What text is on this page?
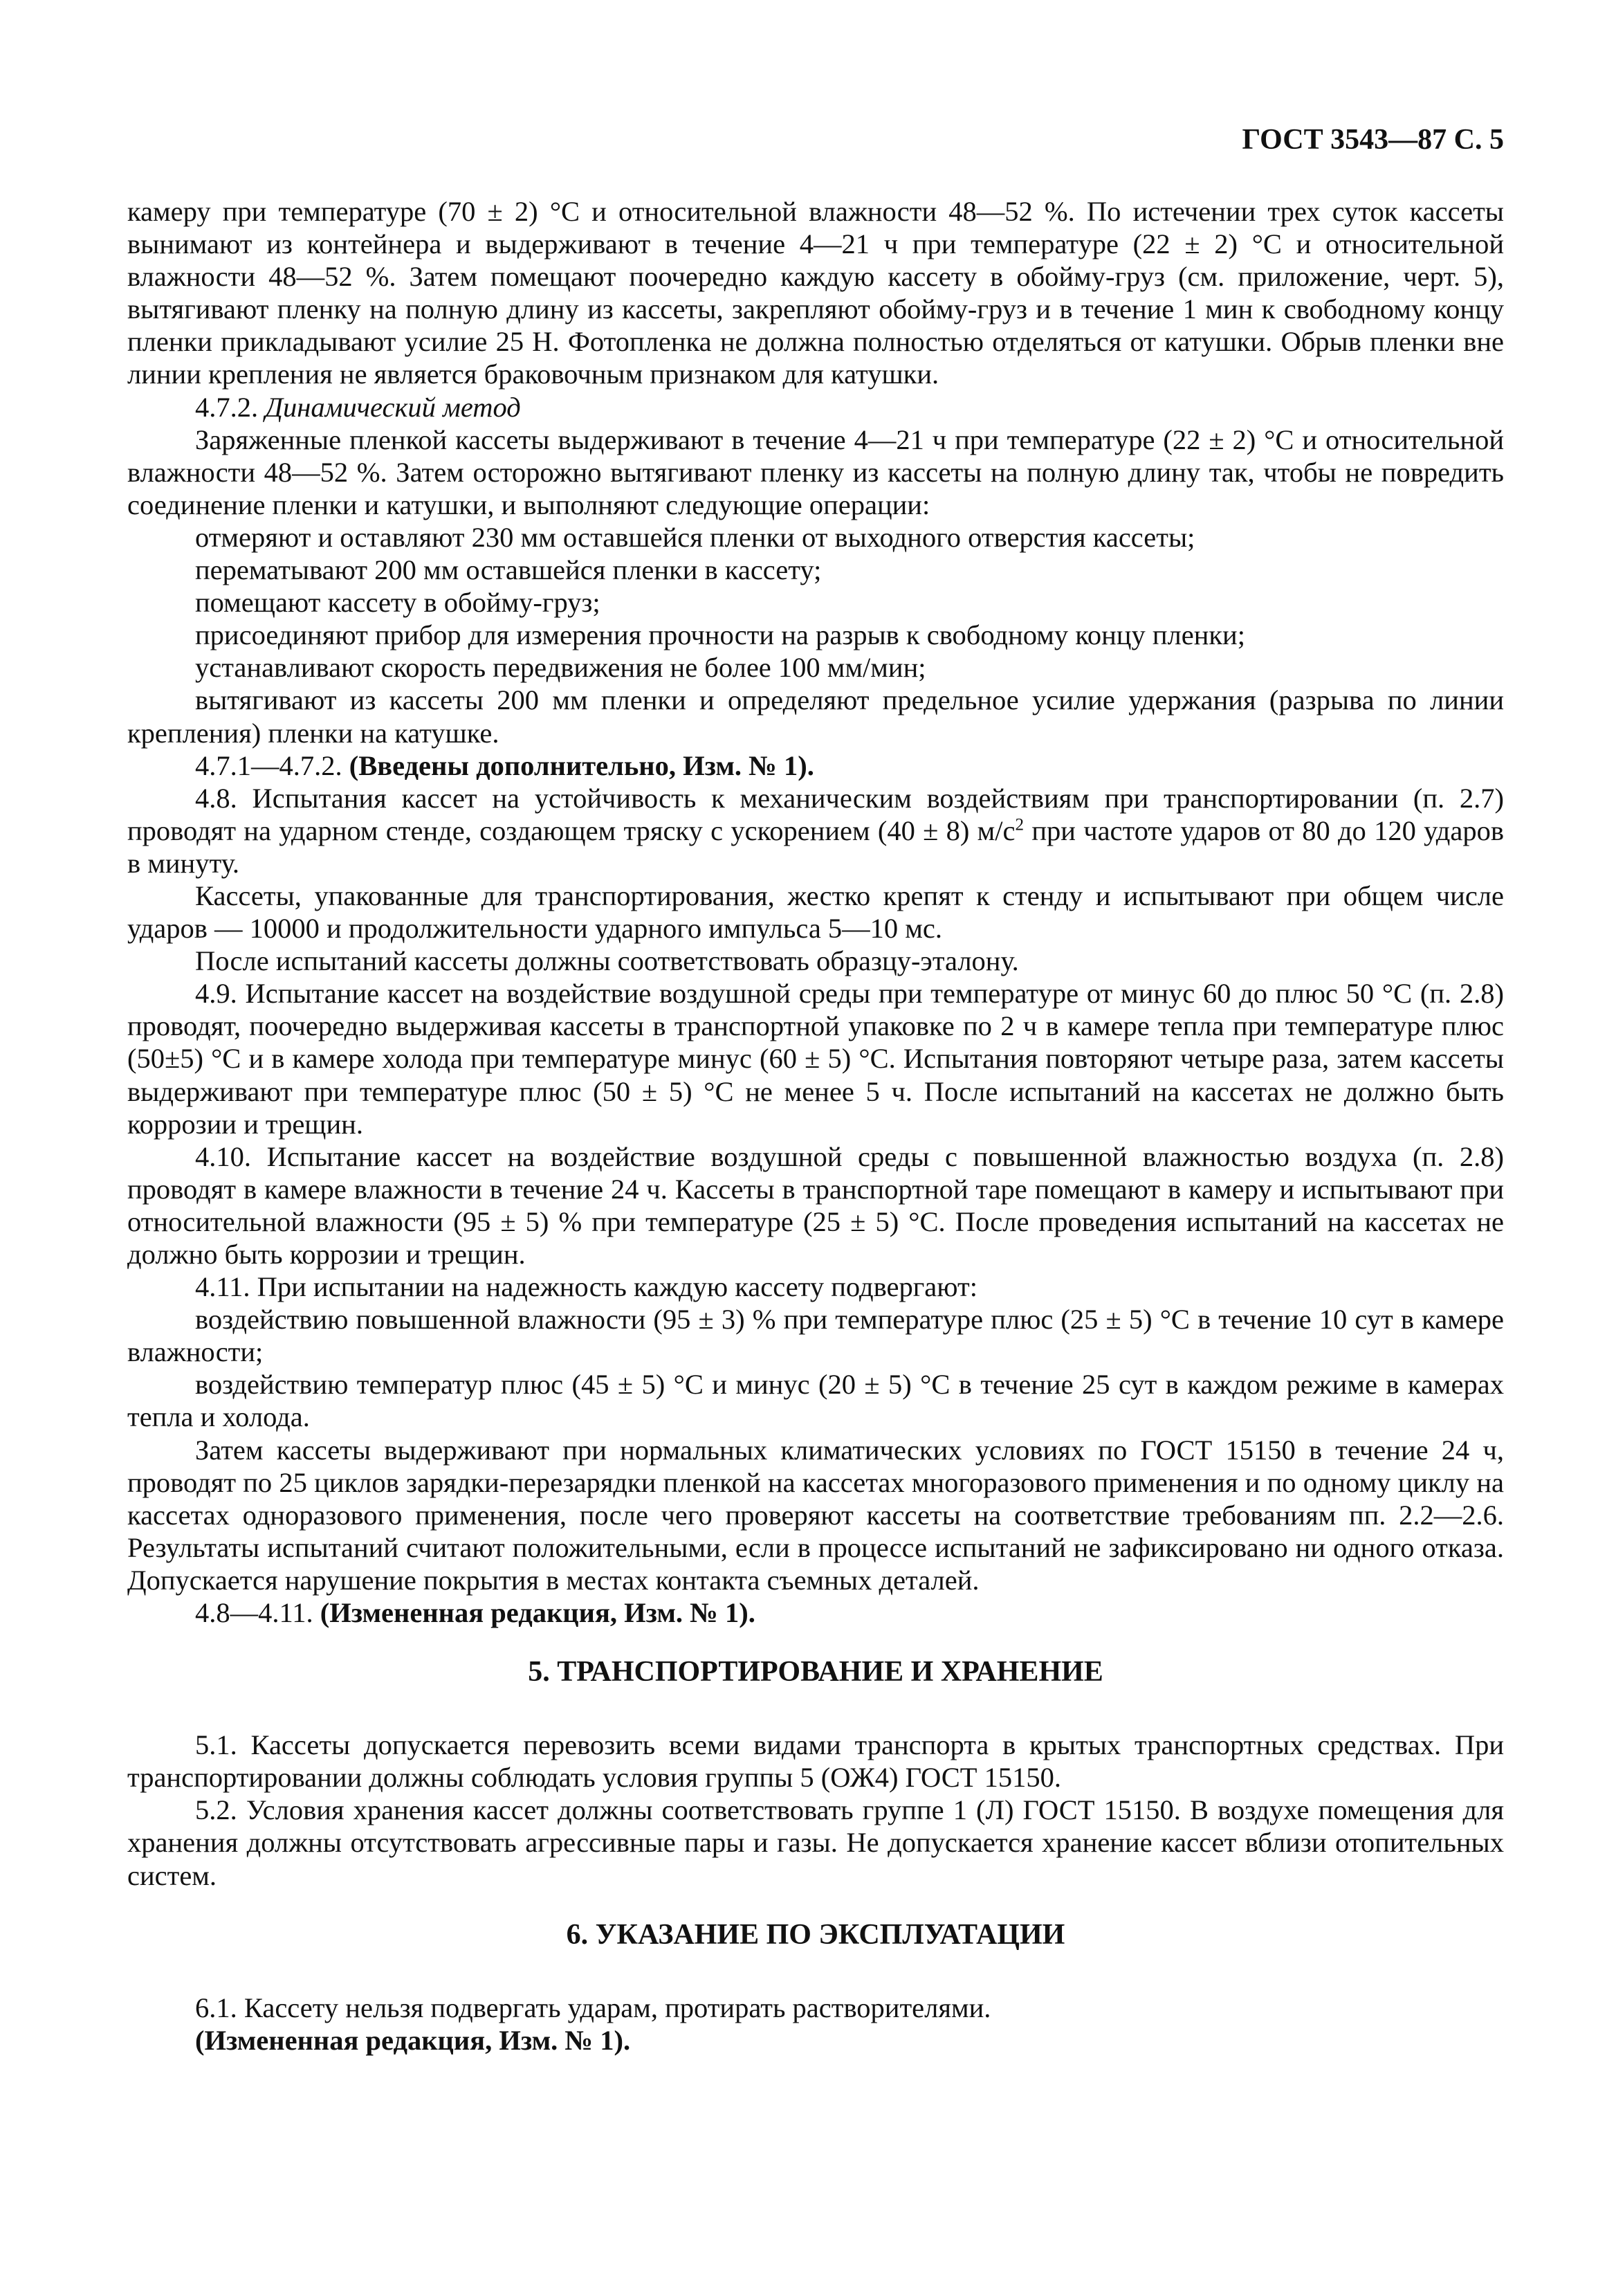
ГОСТ 3543—87 С. 5

камеру при температуре (70 ± 2) °С и относительной влажности 48—52 %. По истечении трех суток кассеты вынимают из контейнера и выдерживают в течение 4—21 ч при температуре (22 ± 2) °С и относительной влажности 48—52 %. Затем помещают поочередно каждую кассету в обойму-груз (см. приложение, черт. 5), вытягивают пленку на полную длину из кассеты, закрепляют обойму-груз и в течение 1 мин к свободному концу пленки прикладывают усилие 25 Н. Фотопленка не должна полностью отделяться от катушки. Обрыв пленки вне линии крепления не является браковочным признаком для катушки.

4.7.2. Динамический метод

Заряженные пленкой кассеты выдерживают в течение 4—21 ч при температуре (22 ± 2) °С и относительной влажности 48—52 %. Затем осторожно вытягивают пленку из кассеты на полную длину так, чтобы не повредить соединение пленки и катушки, и выполняют следующие операции:

отмеряют и оставляют 230 мм оставшейся пленки от выходного отверстия кассеты;

перематывают 200 мм оставшейся пленки в кассету;

помещают кассету в обойму-груз;

присоединяют прибор для измерения прочности на разрыв к свободному концу пленки;

устанавливают скорость передвижения не более 100 мм/мин;

вытягивают из кассеты 200 мм пленки и определяют предельное усилие удержания (разрыва по линии крепления) пленки на катушке.

4.7.1—4.7.2. (Введены дополнительно, Изм. № 1).

4.8. Испытания кассет на устойчивость к механическим воздействиям при транспортировании (п. 2.7) проводят на ударном стенде, создающем тряску с ускорением (40 ± 8) $м/с^2$ при частоте ударов от 80 до 120 ударов в минуту.

Кассеты, упакованные для транспортирования, жестко крепят к стенду и испытывают при общем числе ударов — 10000 и продолжительности ударного импульса 5—10 мс.

После испытаний кассеты должны соответствовать образцу-эталону.

4.9. Испытание кассет на воздействие воздушной среды при температуре от минус 60 до плюс 50 °С (п. 2.8) проводят, поочередно выдерживая кассеты в транспортной упаковке по 2 ч в камере тепла при температуре плюс (50±5) °С и в камере холода при температуре минус (60 ± 5) °С. Испытания повторяют четыре раза, затем кассеты выдерживают при температуре плюс (50 ± 5) °С не менее 5 ч. После испытаний на кассетах не должно быть коррозии и трещин.

4.10. Испытание кассет на воздействие воздушной среды с повышенной влажностью воздуха (п. 2.8) проводят в камере влажности в течение 24 ч. Кассеты в транспортной таре помещают в камеру и испытывают при относительной влажности (95 ± 5) % при температуре (25 ± 5) °С. После проведения испытаний на кассетах не должно быть коррозии и трещин.

4.11. При испытании на надежность каждую кассету подвергают:

воздействию повышенной влажности (95 ± 3) % при температуре плюс (25 ± 5) °С в течение 10 сут в камере влажности;

воздействию температур плюс (45 ± 5) °С и минус (20 ± 5) °С в течение 25 сут в каждом режиме в камерах тепла и холода.

Затем кассеты выдерживают при нормальных климатических условиях по ГОСТ 15150 в течение 24 ч, проводят по 25 циклов зарядки-перезарядки пленкой на кассетах многоразового применения и по одному циклу на кассетах одноразового применения, после чего проверяют кассеты на соответствие требованиям пп. 2.2—2.6. Результаты испытаний считают положительными, если в процессе испытаний не зафиксировано ни одного отказа. Допускается нарушение покрытия в местах контакта съемных деталей.

4.8—4.11. (Измененная редакция, Изм. № 1).

5. ТРАНСПОРТИРОВАНИЕ И ХРАНЕНИЕ

5.1. Кассеты допускается перевозить всеми видами транспорта в крытых транспортных средствах. При транспортировании должны соблюдать условия группы 5 (ОЖ4) ГОСТ 15150.

5.2. Условия хранения кассет должны соответствовать группе 1 (Л) ГОСТ 15150. В воздухе помещения для хранения должны отсутствовать агрессивные пары и газы. Не допускается хранение кассет вблизи отопительных систем.

6. УКАЗАНИЕ ПО ЭКСПЛУАТАЦИИ

6.1. Кассету нельзя подвергать ударам, протирать растворителями.

(Измененная редакция, Изм. № 1).
